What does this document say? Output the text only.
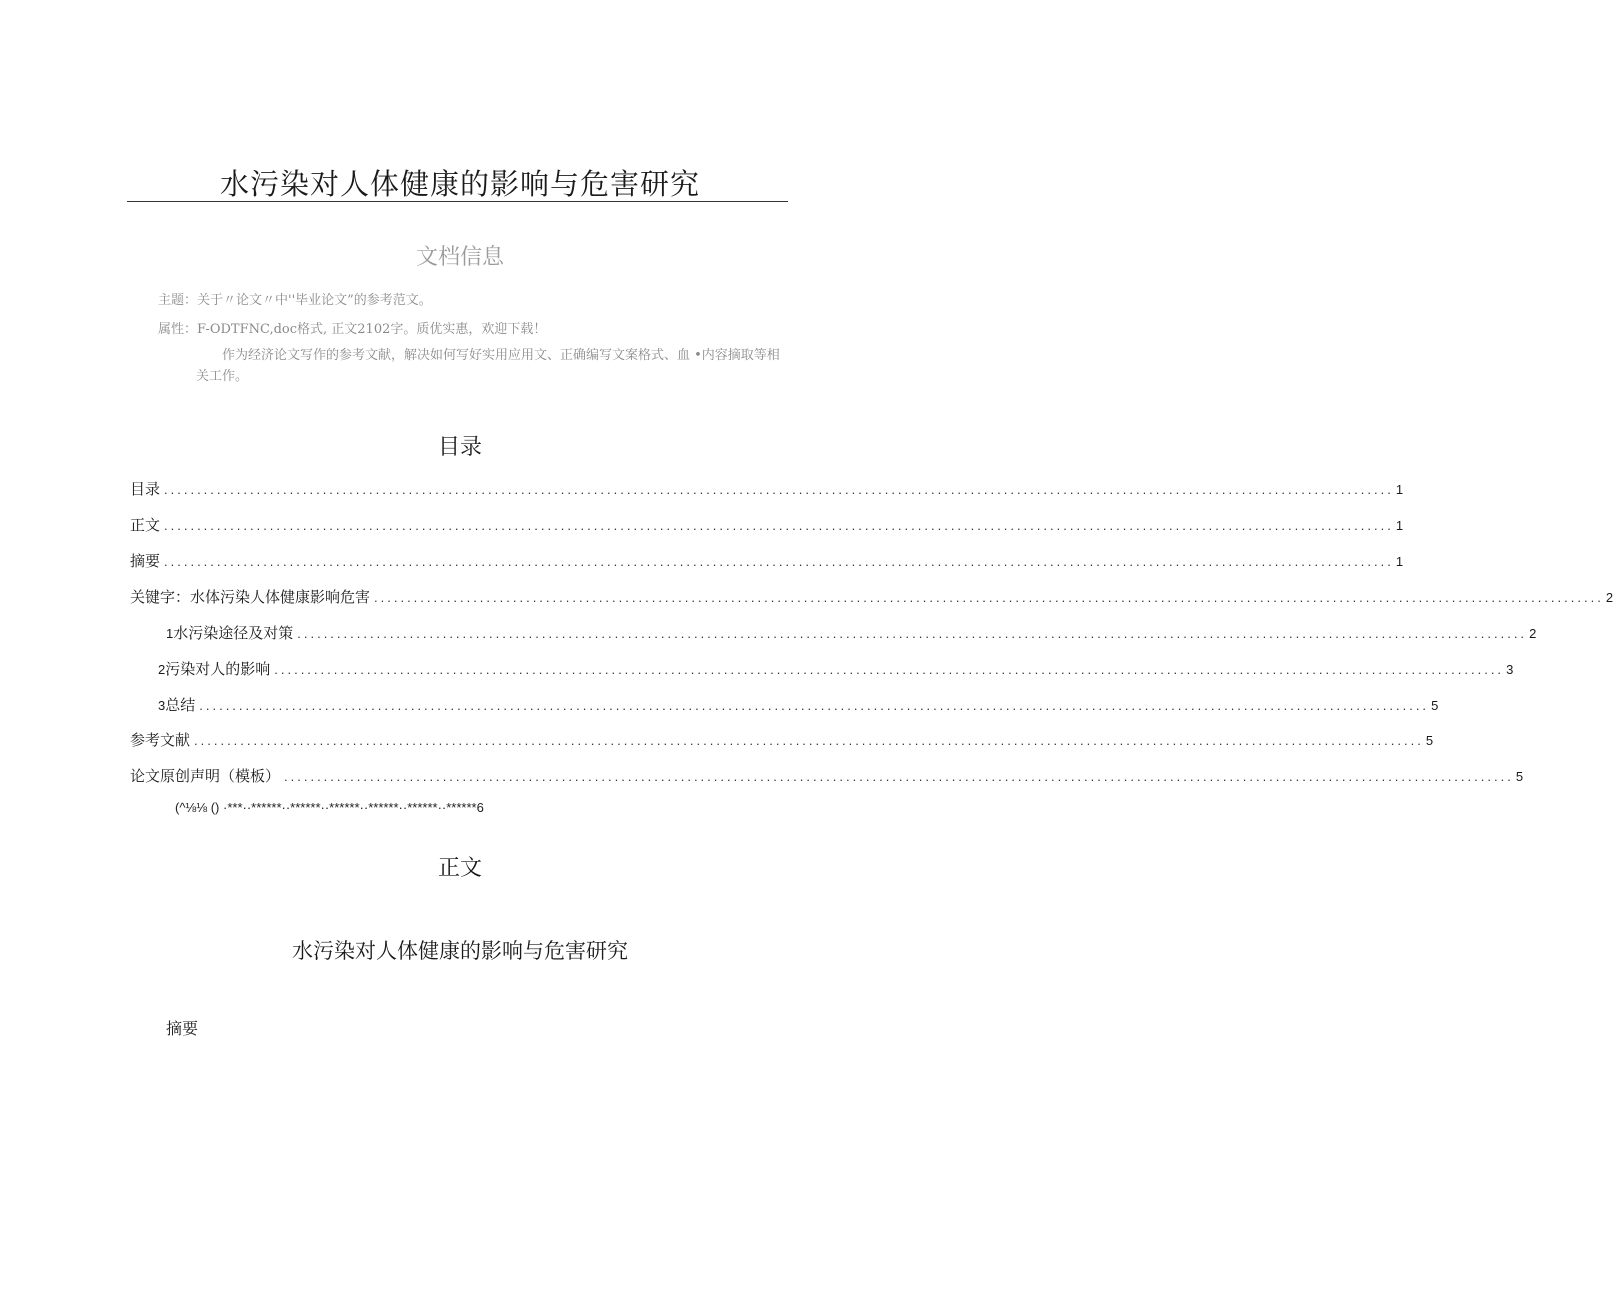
水污染对人体健康的影响与危害研究
文档信息
主题：关于〃论文〃中''毕业论文”的参考范文。
属性：F-ODTFNC,doc格式, 正文2102字。质优实惠，欢迎下载！
作为经济论文写作的参考文献，解决如何写好实用应用文、正确编写文案格式、血 •内容摘取等相关工作。
目录
目录 .......................................................................................................................................................................................... 1
正文 .......................................................................................................................................................................................... 1
摘要 .......................................................................................................................................................................................... 1
关键字：水体污染人体健康影响危害 .......................................................................................................................................................................................... 2
1水污染途径及对策 .......................................................................................................................................................................................... 2
2污染对人的影响 .......................................................................................................................................................................................... 3
3总结 .......................................................................................................................................................................................... 5
参考文献 .......................................................................................................................................................................................... 5
论文原创声明（模板） .......................................................................................................................................................................................... 5
(^⅛⅛ () ·***··******··******··******··******··******··******6
正文
水污染对人体健康的影响与危害研究
摘要
